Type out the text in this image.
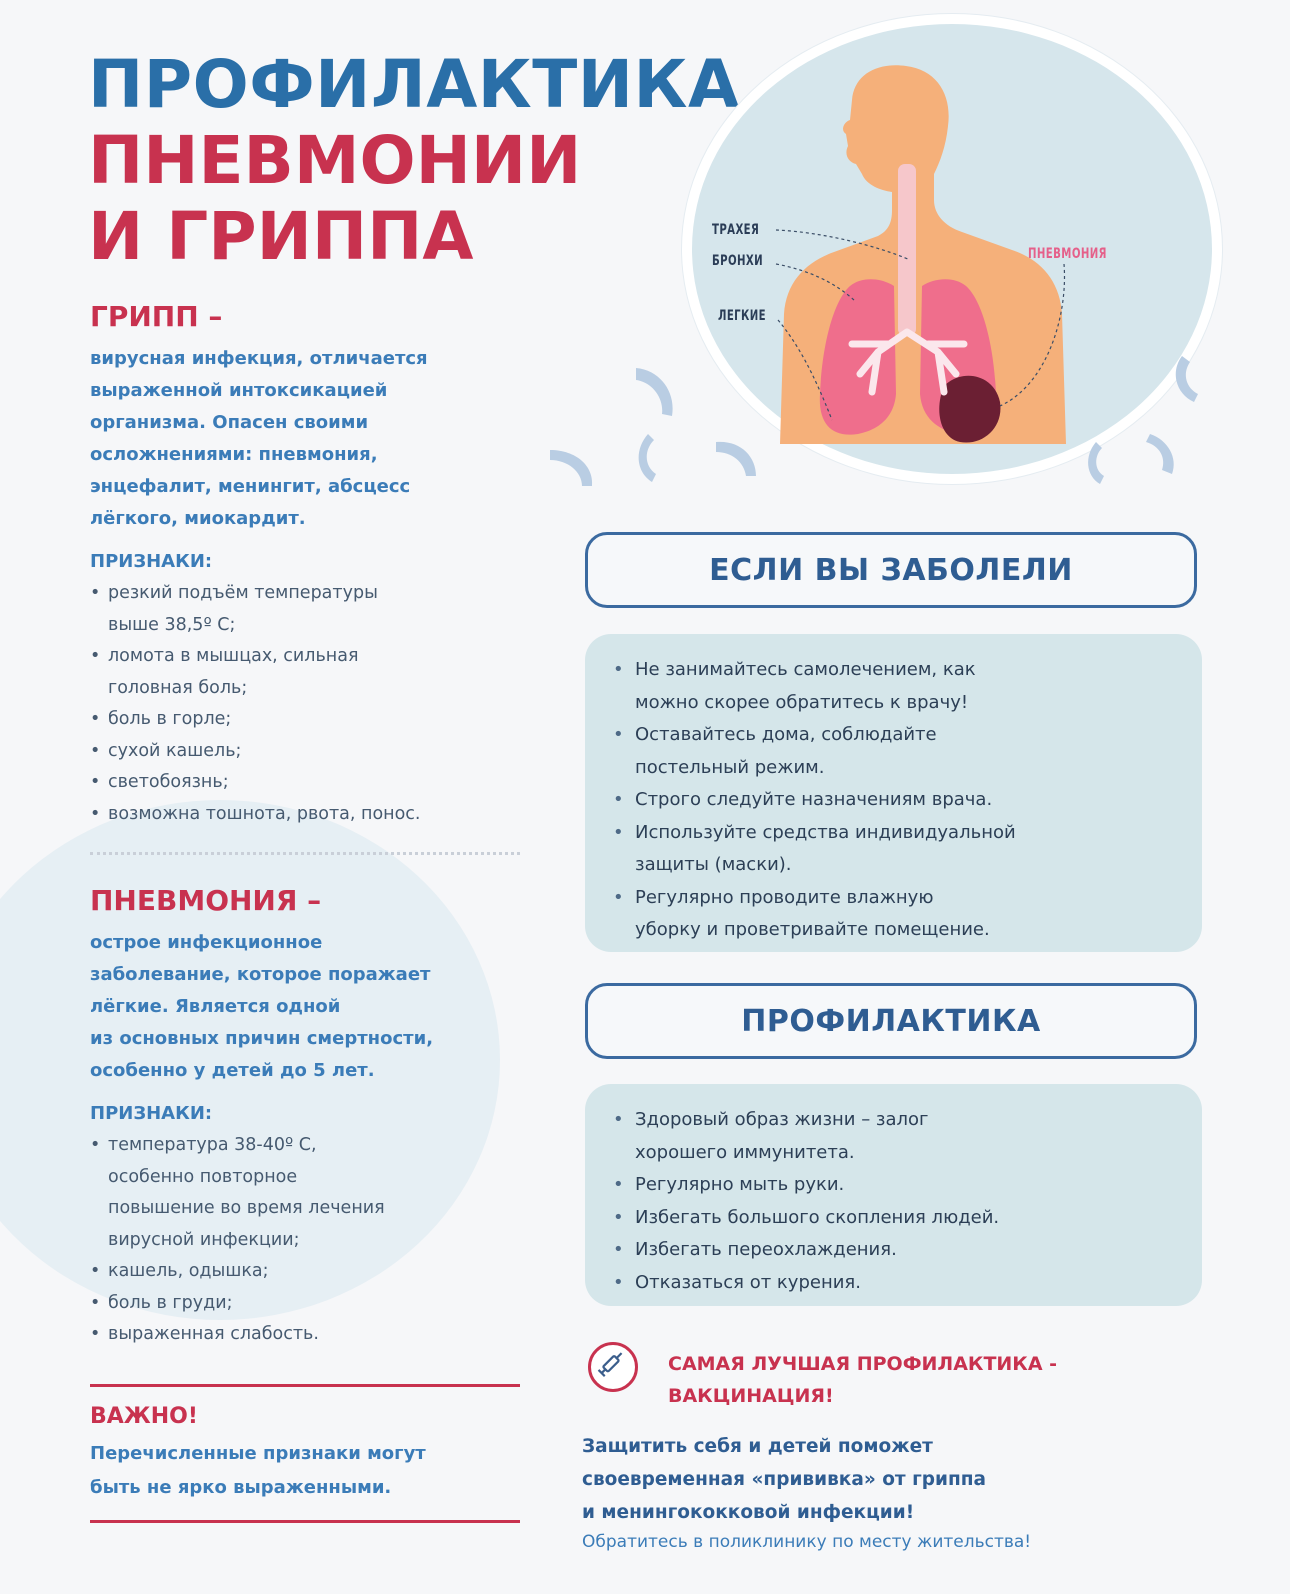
ПРОФИЛАКТИКА
ПНЕВМОНИИ
И ГРИППА
ГРИПП –
вирусная инфекция, отличается
выраженной интоксикацией
организма. Опасен своими
осложнениями: пневмония,
энцефалит, менингит, абсцесс
лёгкого, миокардит.
ПРИЗНАКИ:
• резкий подъём температуры
выше 38,5º С;
• ломота в мышцах, сильная
головная боль;
• боль в горле;
• сухой кашель;
• светобоязнь;
• возможна тошнота, рвота, понос.
ПНЕВМОНИЯ –
острое инфекционное
заболевание, которое поражает
лёгкие. Является одной
из основных причин смертности,
особенно у детей до 5 лет.
ПРИЗНАКИ:
• температура 38-40º С,
особенно повторное
повышение во время лечения
вирусной инфекции;
• кашель, одышка;
• боль в груди;
• выраженная слабость.
ВАЖНО!
Перечисленные признаки могут
быть не ярко выраженными.
ТРАХЕЯ
БРОНХИ
ЛЕГКИЕ
ПНЕВМОНИЯ
ЕСЛИ ВЫ ЗАБОЛЕЛИ
• Не занимайтесь самолечением, как
можно скорее обратитесь к врачу!
• Оставайтесь дома, соблюдайте
постельный режим.
• Строго следуйте назначениям врача.
• Используйте средства индивидуальной
защиты (маски).
• Регулярно проводите влажную
уборку и проветривайте помещение.
ПРОФИЛАКТИКА
• Здоровый образ жизни – залог
хорошего иммунитета.
• Регулярно мыть руки.
• Избегать большого скопления людей.
• Избегать переохлаждения.
• Отказаться от курения.
САМАЯ ЛУЧШАЯ ПРОФИЛАКТИКА -
ВАКЦИНАЦИЯ!
Защитить себя и детей поможет
своевременная «прививка» от гриппа
и менингококковой инфекции!
Обратитесь в поликлинику по месту жительства!
